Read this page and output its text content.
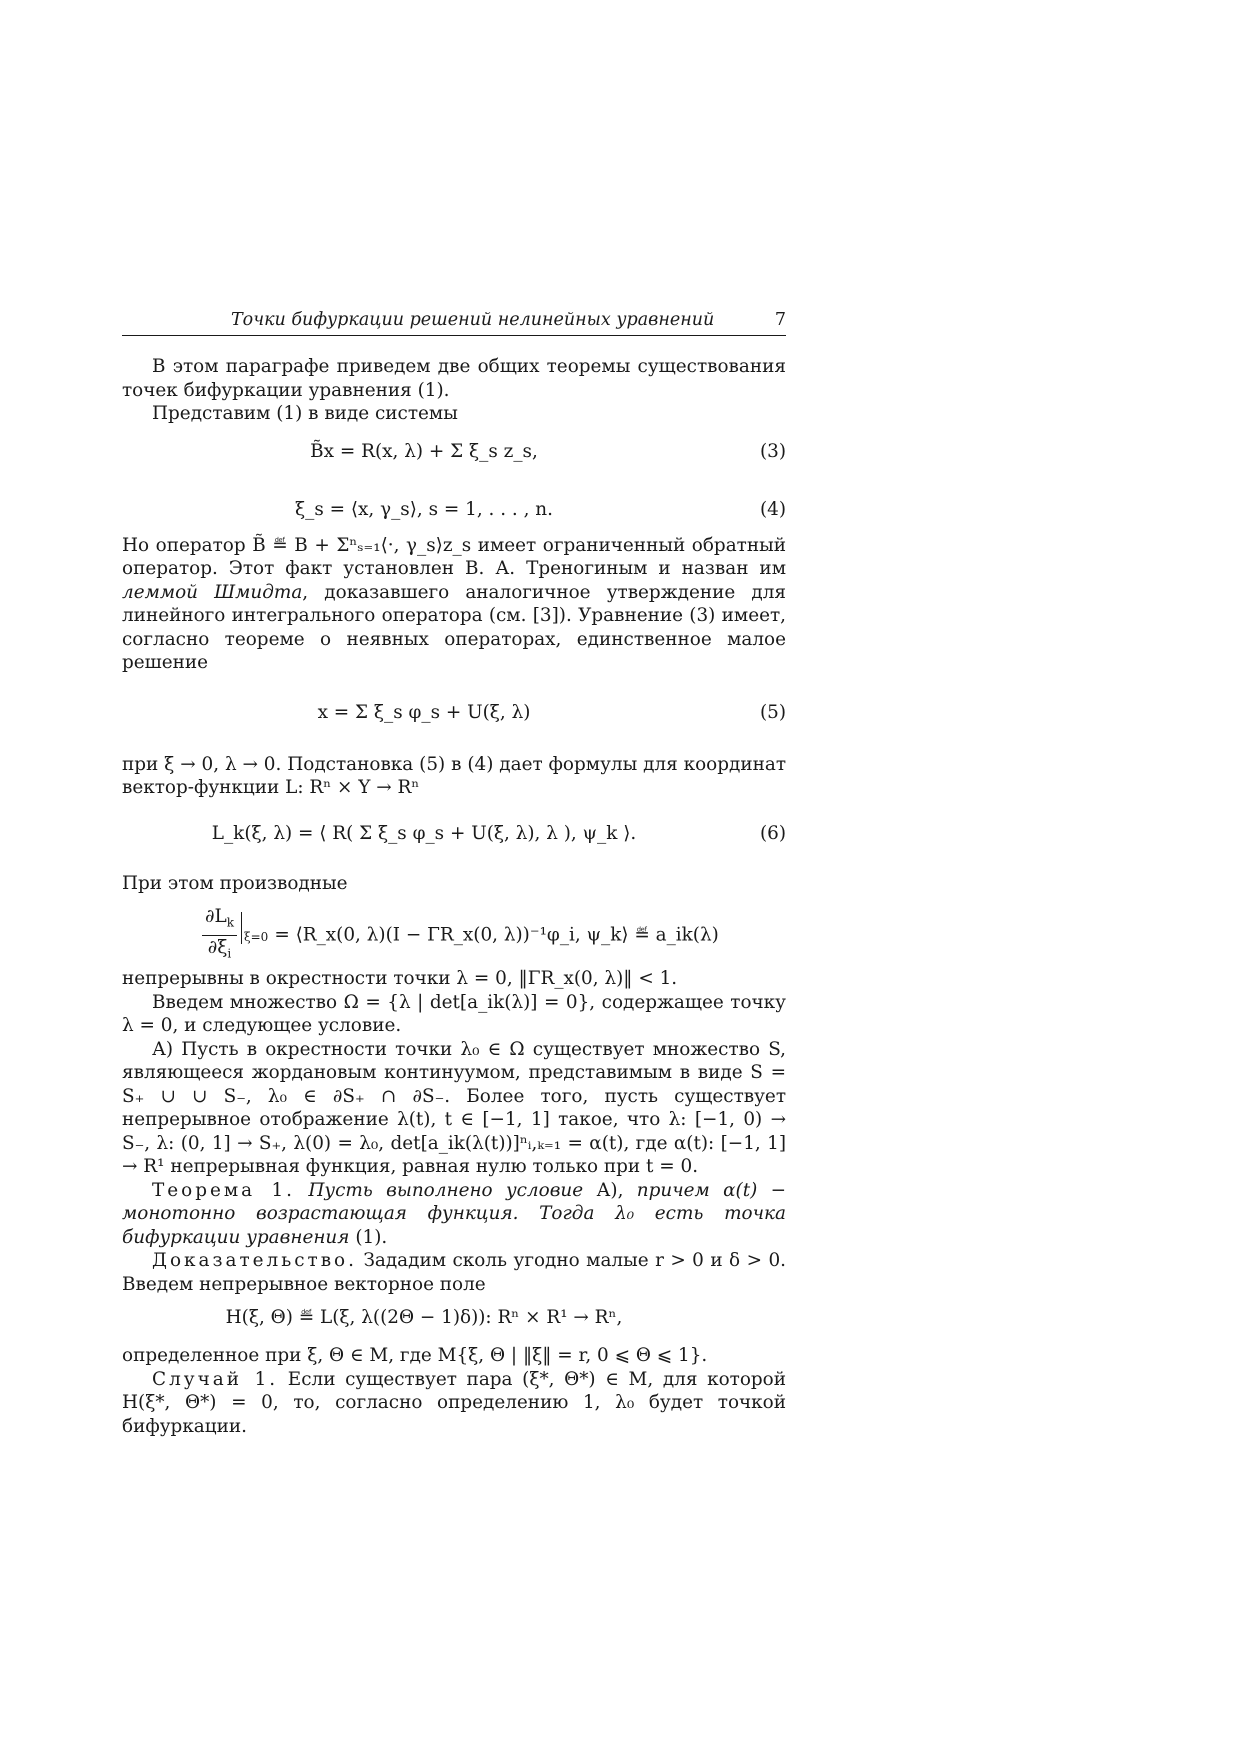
Точки бифуркации решений нелинейных уравнений	7

В этом параграфе приведем две общих теоремы существования точек бифуркации уравнения (1).

Представим (1) в виде системы

B̃x = R(x, λ) + Σ ξ_s z_s,	(3)
ξ_s = ⟨x, γ_s⟩, s = 1, . . . , n.	(4)

Но оператор B̃ ≝ B + Σⁿₛ₌₁⟨·, γ_s⟩z_s имеет ограниченный обратный оператор. Этот факт установлен В. А. Треногиным и назван им леммой Шмидта, доказавшего аналогичное утверждение для линейного интегрального оператора (см. [3]). Уравнение (3) имеет, согласно теореме о неявных операторах, единственное малое решение

x = Σ ξ_s φ_s + U(ξ, λ)	(5)

при ξ → 0, λ → 0. Подстановка (5) в (4) дает формулы для координат вектор-функции L: Rⁿ × Υ → Rⁿ

L_k(ξ, λ) = ⟨ R( Σ ξ_s φ_s + U(ξ, λ), λ ), ψ_k ⟩.	(6)

При этом производные

$\frac{\partial L_k}{\partial\xi_i} \xi=0$ = ⟨R_x(0, λ)(I − ΓR_x(0, λ))⁻¹φ_i, ψ_k⟩ ≝ a_ik(λ)

непрерывны в окрестности точки λ = 0, ‖ΓR_x(0, λ)‖ < 1.

Введем множество Ω = {λ | det[a_ik(λ)] = 0}, содержащее точку λ = 0, и следующее условие.

А) Пусть в окрестности точки λ₀ ∈ Ω существует множество S, являющееся жордановым континуумом, представимым в виде S = S₊ ∪ ∪ S₋, λ₀ ∈ ∂S₊ ∩ ∂S₋. Более того, пусть существует непрерывное отображение λ(t), t ∈ [−1, 1] такое, что λ: [−1, 0) → S₋, λ: (0, 1] → S₊, λ(0) = λ₀, det[a_ik(λ(t))]ⁿᵢ,ₖ₌₁ = α(t), где α(t): [−1, 1] → R¹ непрерывная функция, равная нулю только при t = 0.

Теорема 1. Пусть выполнено условие А), причем α(t) − монотонно возрастающая функция. Тогда λ₀ есть точка бифуркации уравнения (1).

Доказательство. Зададим сколь угодно малые r > 0 и δ > 0. Введем непрерывное векторное поле

H(ξ, Θ) ≝ L(ξ, λ((2Θ − 1)δ)): Rⁿ × R¹ → Rⁿ,

определенное при ξ, Θ ∈ M, где M{ξ, Θ | ‖ξ‖ = r, 0 ⩽ Θ ⩽ 1}.

Случай 1. Если существует пара (ξ*, Θ*) ∈ M, для которой H(ξ*, Θ*) = 0, то, согласно определению 1, λ₀ будет точкой бифуркации.
